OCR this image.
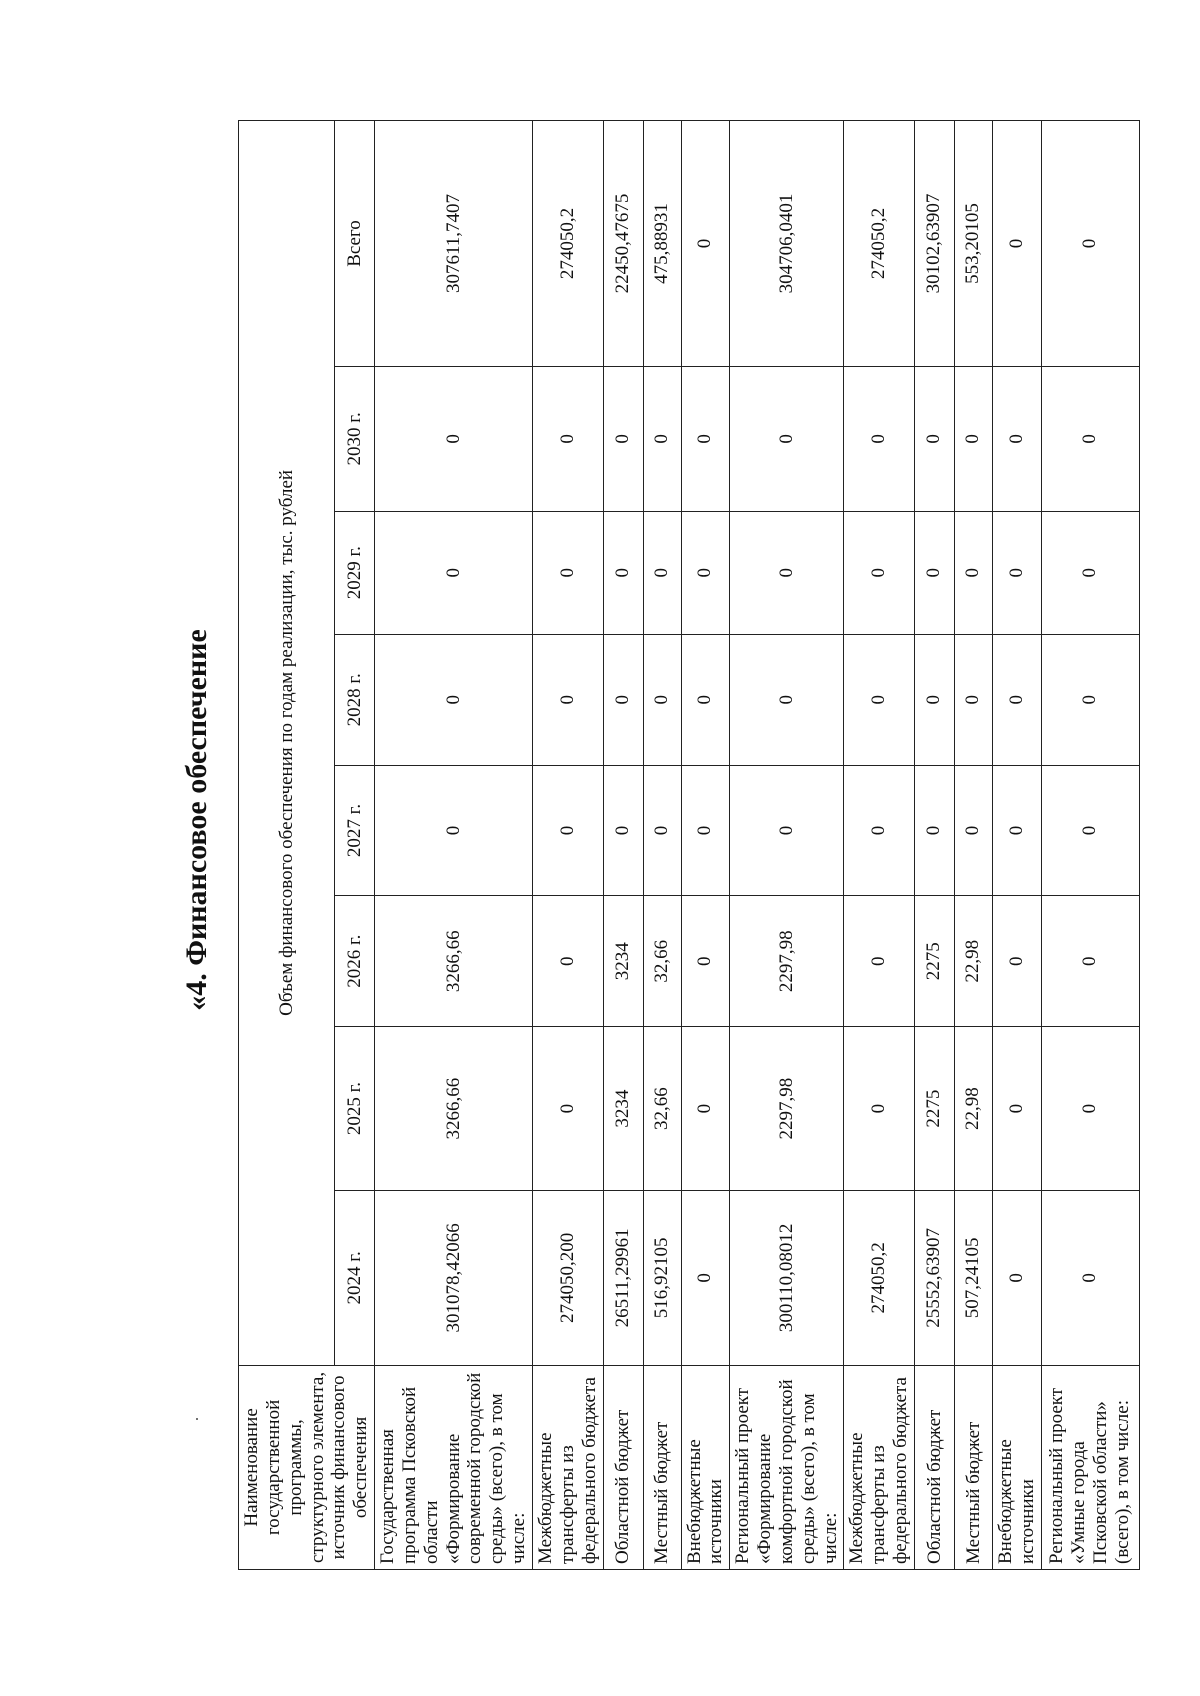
«4. Финансовое обеспечение
Наименование государственной программы, структурного элемента, источник финансового обеспечения	Объем финансового обеспечения по годам реализации, тыс. рублей							
	2024 г.	2025 г.	2026 г.	2027 г.	2028 г.	2029 г.	2030 г.	Всего
Государственная программа Псковской области «Формирование современной городской среды» (всего), в том числе:	301078,42066	3266,66	3266,66	0	0	0	0	307611,7407
Межбюджетные трансферты из федерального бюджета	274050,200	0	0	0	0	0	0	274050,2
Областной бюджет	26511,29961	3234	3234	0	0	0	0	22450,47675
Местный бюджет	516,92105	32,66	32,66	0	0	0	0	475,88931
Внебюджетные источники	0	0	0	0	0	0	0	0
Региональный проект «Формирование комфортной городской среды» (всего), в том числе:	300110,08012	2297,98	2297,98	0	0	0	0	304706,0401
Межбюджетные трансферты из федерального бюджета	274050,2	0	0	0	0	0	0	274050,2
Областной бюджет	25552,63907	2275	2275	0	0	0	0	30102,63907
Местный бюджет	507,24105	22,98	22,98	0	0	0	0	553,20105
Внебюджетные источники	0	0	0	0	0	0	0	0
Региональный проект «Умные города Псковской области» (всего), в том числе:	0	0	0	0	0	0	0	0
